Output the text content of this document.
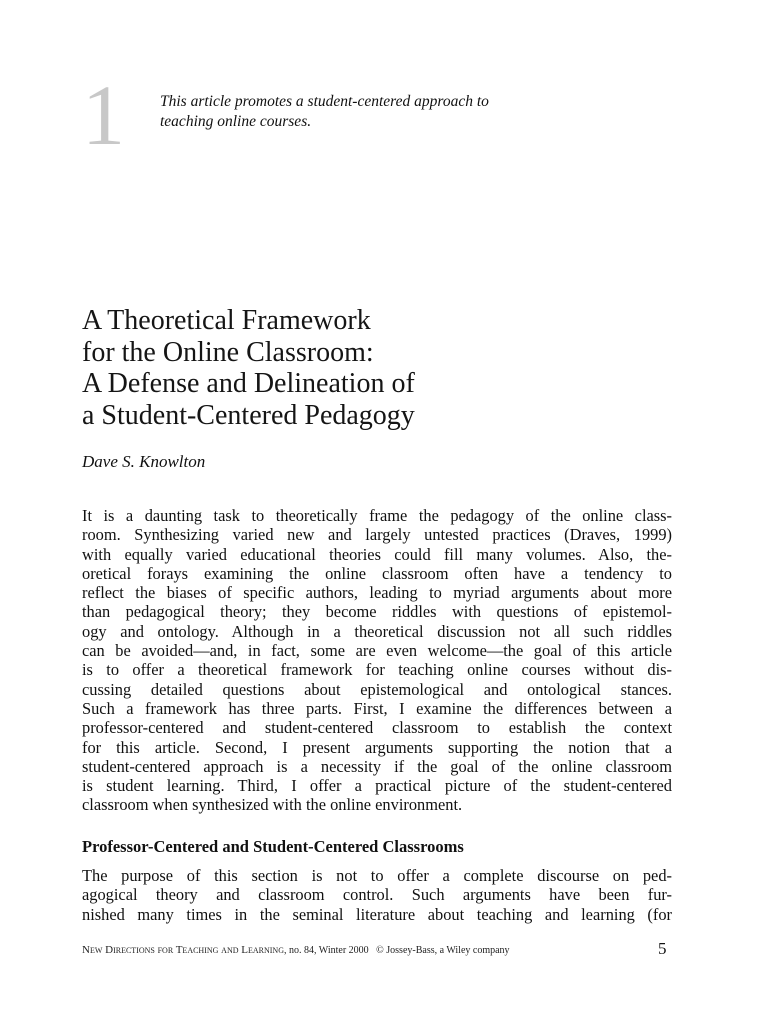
1 This article promotes a student-centered approach to
teaching online courses.
A Theoretical Framework
for the Online Classroom:
A Defense and Delineation of
a Student-Centered Pedagogy
Dave S. Knowlton
It is a daunting task to theoretically frame the pedagogy of the online class-
room. Synthesizing varied new and largely untested practices (Draves, 1999)
with equally varied educational theories could fill many volumes. Also, the-
oretical forays examining the online classroom often have a tendency to
reflect the biases of specific authors, leading to myriad arguments about more
than pedagogical theory; they become riddles with questions of epistemol-
ogy and ontology. Although in a theoretical discussion not all such riddles
can be avoided—and, in fact, some are even welcome—the goal of this article
is to offer a theoretical framework for teaching online courses without dis-
cussing detailed questions about epistemological and ontological stances.
Such a framework has three parts. First, I examine the differences between a
professor-centered and student-centered classroom to establish the context
for this article. Second, I present arguments supporting the notion that a
student-centered approach is a necessity if the goal of the online classroom
is student learning. Third, I offer a practical picture of the student-centered
classroom when synthesized with the online environment.
Professor-Centered and Student-Centered Classrooms
The purpose of this section is not to offer a complete discourse on ped-
agogical theory and classroom control. Such arguments have been fur-
nished many times in the seminal literature about teaching and learning (for
New Directions for Teaching and Learning, no. 84, Winter 2000 © Jossey-Bass, a Wiley company	5
